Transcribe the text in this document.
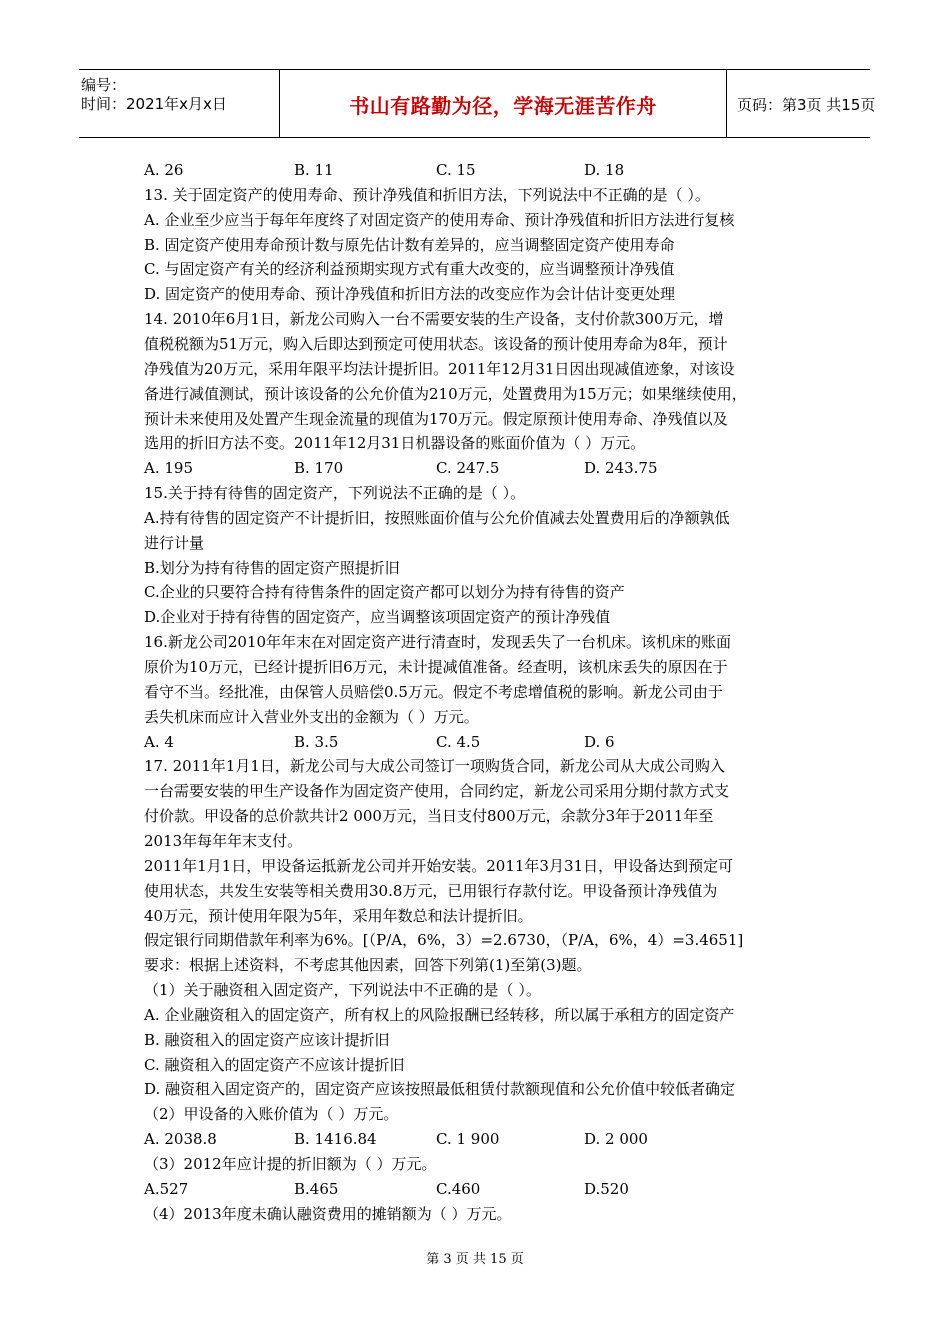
编号：
时间：2021年x月x日	书山有路勤为径，学海无涯苦作舟	页码：第3页 共15页
A. 26	B. 11	C. 15	D. 18
13. 关于固定资产的使用寿命、预计净残值和折旧方法，下列说法中不正确的是（ ）。
A. 企业至少应当于每年年度终了对固定资产的使用寿命、预计净残值和折旧方法进行复核
B. 固定资产使用寿命预计数与原先估计数有差异的，应当调整固定资产使用寿命
C. 与固定资产有关的经济利益预期实现方式有重大改变的，应当调整预计净残值
D. 固定资产的使用寿命、预计净残值和折旧方法的改变应作为会计估计变更处理
14. 2010年6月1日，新龙公司购入一台不需要安装的生产设备，支付价款300万元，增
值税税额为51万元，购入后即达到预定可使用状态。该设备的预计使用寿命为8年，预计
净残值为20万元，采用年限平均法计提折旧。2011年12月31日因出现减值迹象，对该设
备进行减值测试，预计该设备的公允价值为210万元，处置费用为15万元；如果继续使用，
预计未来使用及处置产生现金流量的现值为170万元。假定原预计使用寿命、净残值以及
选用的折旧方法不变。2011年12月31日机器设备的账面价值为（ ）万元。
A. 195	B. 170	C. 247.5	D. 243.75
15.关于持有待售的固定资产，下列说法不正确的是（ ）。
A.持有待售的固定资产不计提折旧，按照账面价值与公允价值减去处置费用后的净额孰低
进行计量
B.划分为持有待售的固定资产照提折旧
C.企业的只要符合持有待售条件的固定资产都可以划分为持有待售的资产
D.企业对于持有待售的固定资产，应当调整该项固定资产的预计净残值
16.新龙公司2010年年末在对固定资产进行清查时，发现丢失了一台机床。该机床的账面
原价为10万元，已经计提折旧6万元，未计提减值准备。经查明，该机床丢失的原因在于
看守不当。经批准，由保管人员赔偿0.5万元。假定不考虑增值税的影响。新龙公司由于
丢失机床而应计入营业外支出的金额为（ ）万元。
A. 4	B. 3.5	C. 4.5	D. 6
17. 2011年1月1日，新龙公司与大成公司签订一项购货合同，新龙公司从大成公司购入
一台需要安装的甲生产设备作为固定资产使用，合同约定，新龙公司采用分期付款方式支
付价款。甲设备的总价款共计2 000万元，当日支付800万元，余款分3年于2011年至
2013年每年年末支付。
2011年1月1日，甲设备运抵新龙公司并开始安装。2011年3月31日，甲设备达到预定可
使用状态，共发生安装等相关费用30.8万元，已用银行存款付讫。甲设备预计净残值为
40万元，预计使用年限为5年，采用年数总和法计提折旧。
假定银行同期借款年利率为6%。[（P/A，6%，3）=2.6730，（P/A，6%，4）=3.4651]
要求：根据上述资料，不考虑其他因素，回答下列第(1)至第(3)题。
（1）关于融资租入固定资产，下列说法中不正确的是（ ）。
A. 企业融资租入的固定资产，所有权上的风险报酬已经转移，所以属于承租方的固定资产
B. 融资租入的固定资产应该计提折旧
C. 融资租入的固定资产不应该计提折旧
D. 融资租入固定资产的，固定资产应该按照最低租赁付款额现值和公允价值中较低者确定
（2）甲设备的入账价值为（ ）万元。
A. 2038.8	B. 1416.84	C. 1 900	D. 2 000
（3）2012年应计提的折旧额为（ ）万元。
A.527	B.465	C.460	D.520
（4）2013年度未确认融资费用的摊销额为（ ）万元。
第 3 页 共 15 页
